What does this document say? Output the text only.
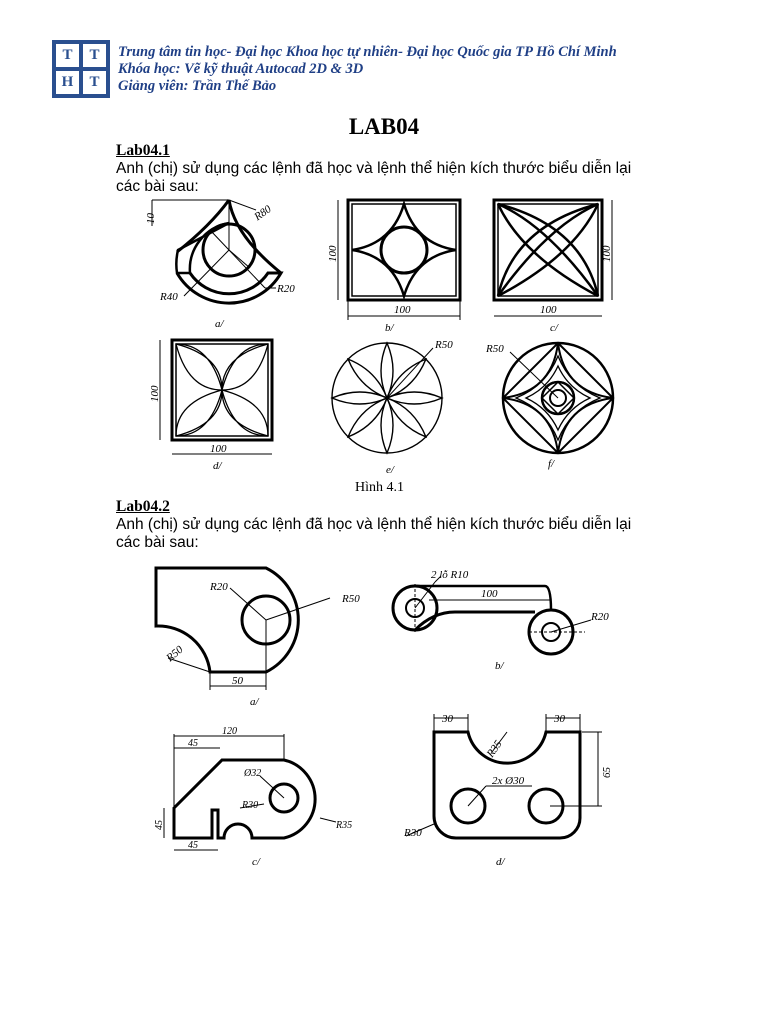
T	T
H	T
Trung tâm tin học- Đại học Khoa học tự nhiên- Đại học Quốc gia TP Hồ Chí Minh
Khóa học: Vẽ kỹ thuật Autocad 2D & 3D
Giảng viên: Trần Thế Bảo
LAB04
Lab04.1
Anh (chị) sử dụng các lệnh đã học và lệnh thể hiện kích thước biểu diễn lại các bài sau:
10	R80
R40
R20
a/
100
100
b/
100
100
c/
100
100
d/
R50
e/
R50
f/
Hình 4.1
Lab04.2
Anh (chị) sử dụng các lệnh đã học và lệnh thể hiện kích thước biểu diễn lại các bài sau:
R20
R50
R50
50
a/
2 lỗ R10
100
R20
b/
120
45
Ø32
R30
45
45
R35
c/
30	30
R35
65
2x Ø30
R30
d/
